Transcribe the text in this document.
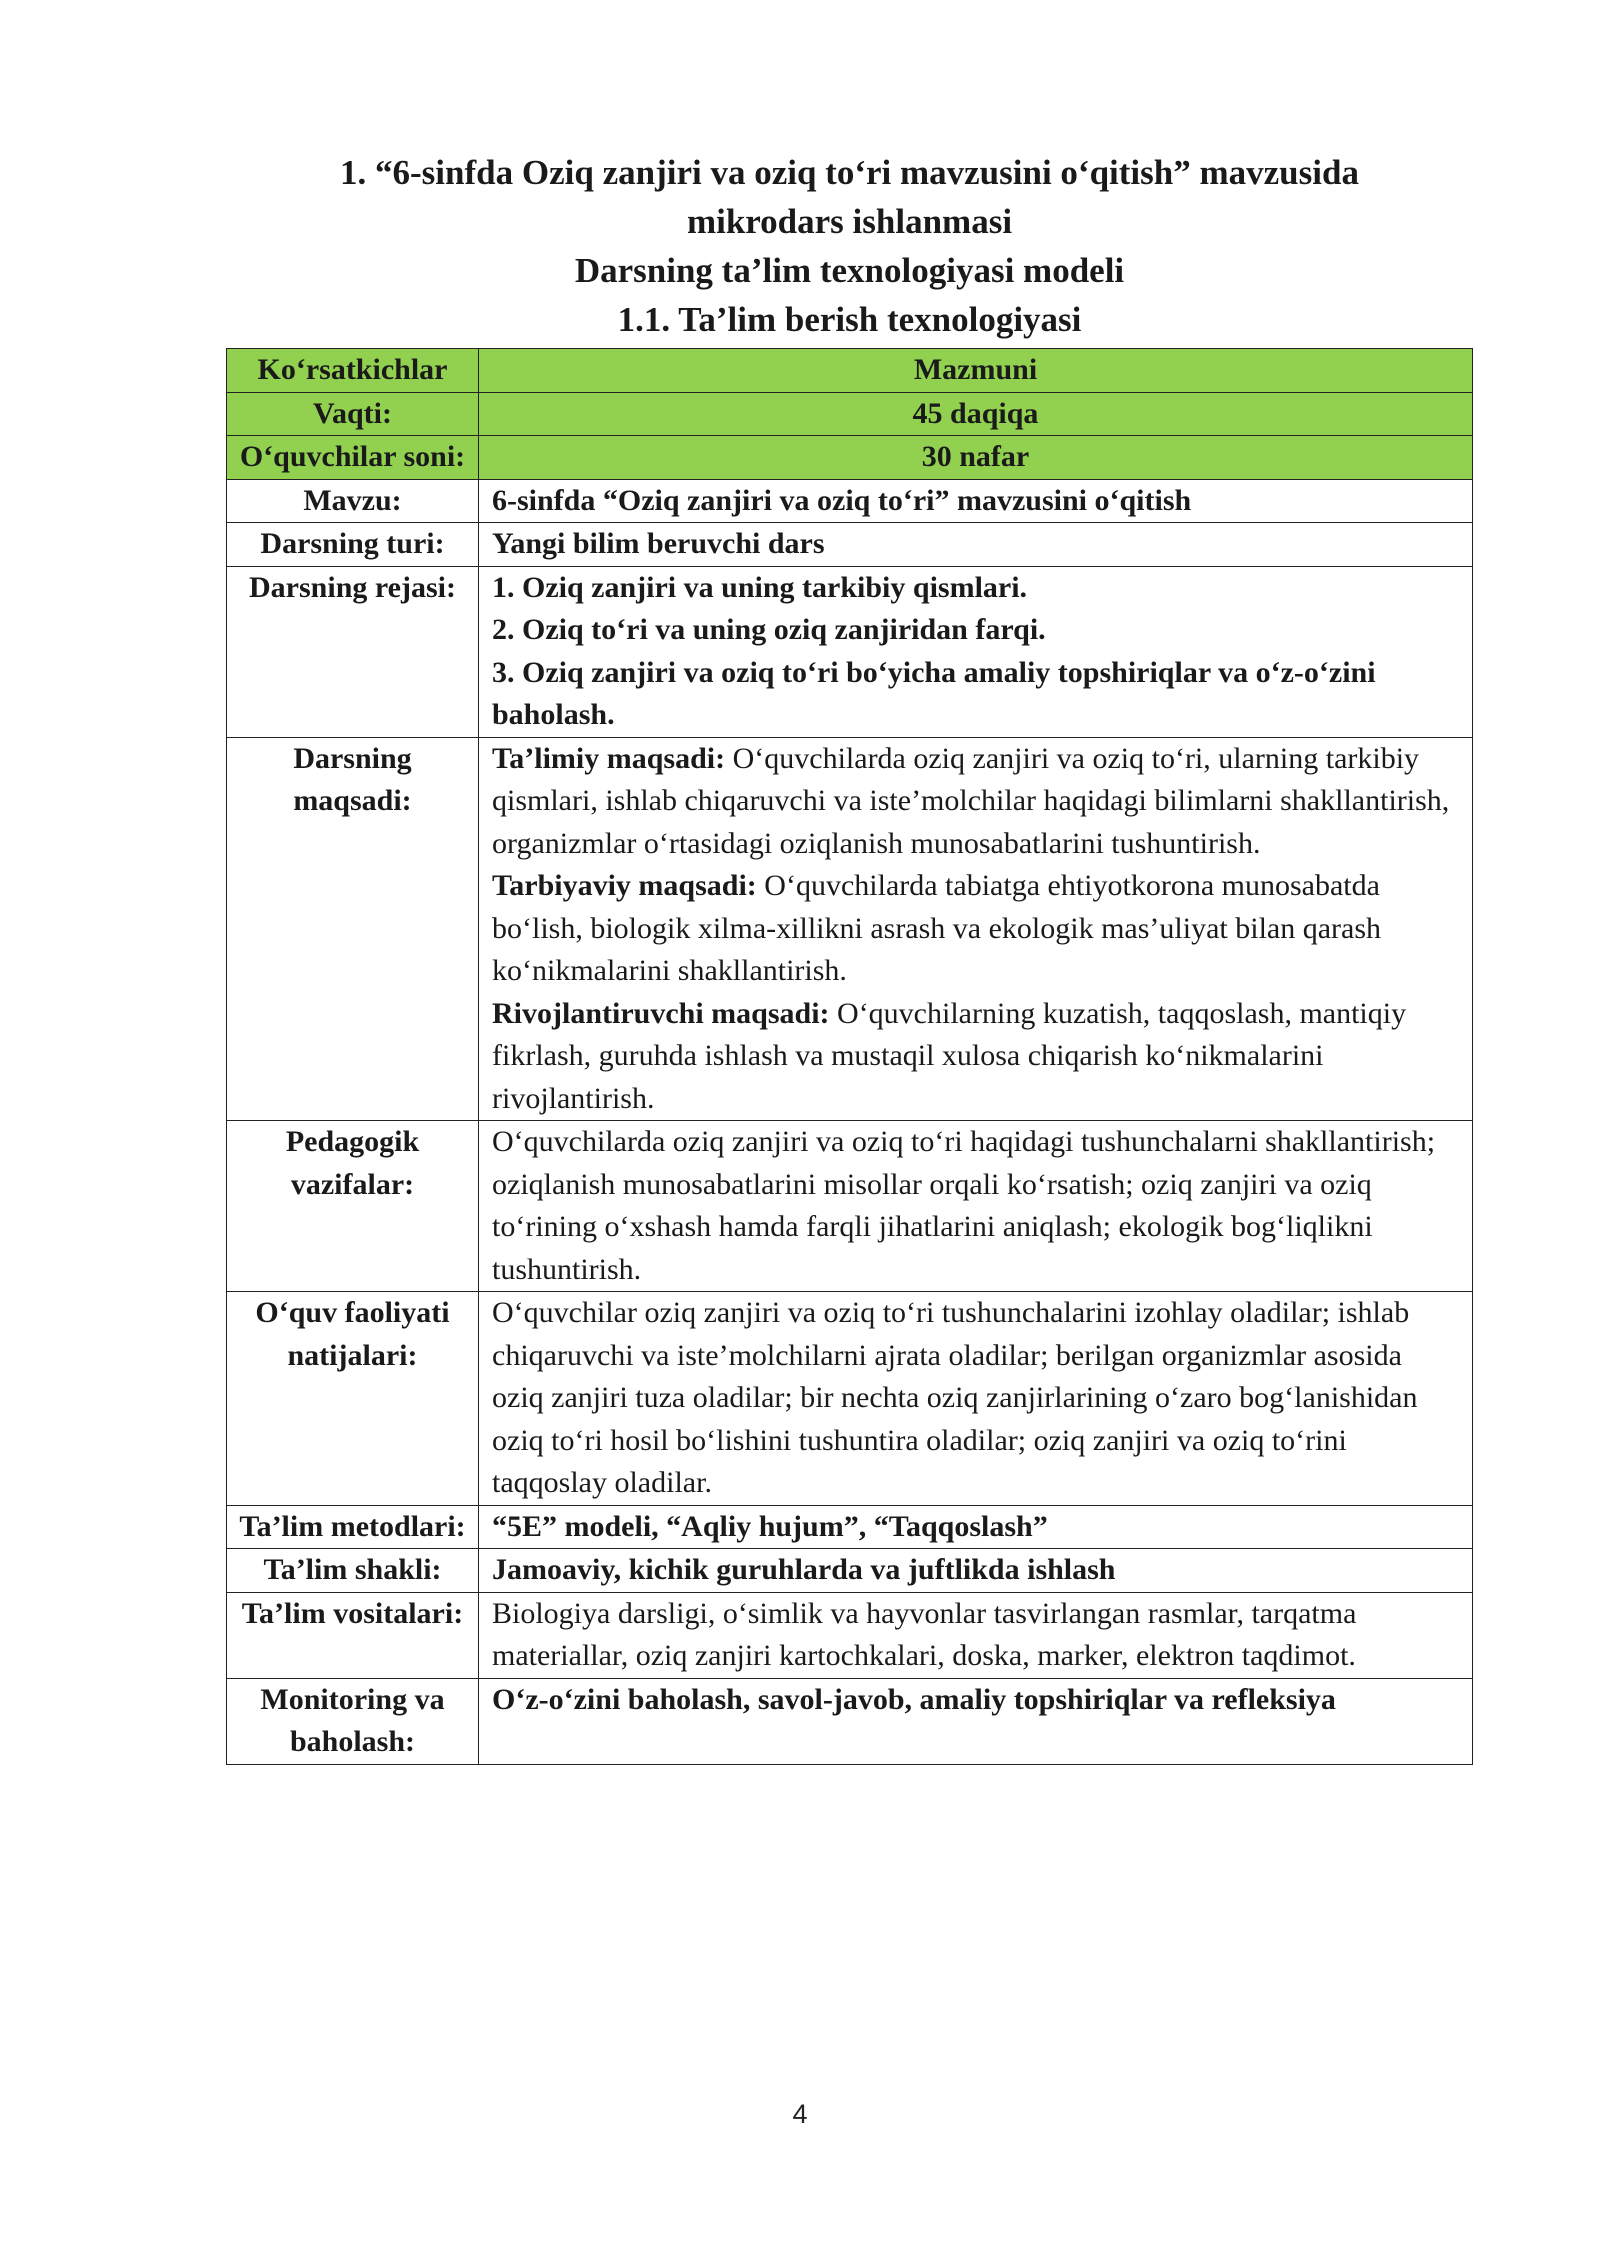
1. “6-sinfda Oziq zanjiri va oziq to‘ri mavzusini o‘qitish” mavzusida
mikrodars ishlanmasi
Darsning ta’lim texnologiyasi modeli
1.1. Ta’lim berish texnologiyasi
Ko‘rsatkichlar	Mazmuni
Vaqti:	45 daqiqa
O‘quvchilar soni:	30 nafar
Mavzu:	6-sinfda “Oziq zanjiri va oziq to‘ri” mavzusini o‘qitish
Darsning turi:	Yangi bilim beruvchi dars
Darsning rejasi:	1. Oziq zanjiri va uning tarkibiy qismlari.
2. Oziq to‘ri va uning oziq zanjiridan farqi.
3. Oziq zanjiri va oziq to‘ri bo‘yicha amaliy topshiriqlar va o‘z-o‘zini baholash.

Darsning maqsadi:	Ta’limiy maqsadi: O‘quvchilarda oziq zanjiri va oziq to‘ri, ularning tarkibiy qismlari, ishlab chiqaruvchi va iste’molchilar haqidagi bilimlarni shakllantirish, organizmlar o‘rtasidagi oziqlanish munosabatlarini tushuntirish.
Tarbiyaviy maqsadi: O‘quvchilarda tabiatga ehtiyotkorona munosabatda bo‘lish, biologik xilma-xillikni asrash va ekologik mas’uliyat bilan qarash ko‘nikmalarini shakllantirish.
Rivojlantiruvchi maqsadi: O‘quvchilarning kuzatish, taqqoslash, mantiqiy fikrlash, guruhda ishlash va mustaqil xulosa chiqarish ko‘nikmalarini rivojlantirish.

Pedagogik vazifalar:	O‘quvchilarda oziq zanjiri va oziq to‘ri haqidagi tushunchalarni shakllantirish; oziqlanish munosabatlarini misollar orqali ko‘rsatish; oziq zanjiri va oziq to‘rining o‘xshash hamda farqli jihatlarini aniqlash; ekologik bog‘liqlikni tushuntirish.
O‘quv faoliyati natijalari:	O‘quvchilar oziq zanjiri va oziq to‘ri tushunchalarini izohlay oladilar; ishlab chiqaruvchi va iste’molchilarni ajrata oladilar; berilgan organizmlar asosida oziq zanjiri tuza oladilar; bir nechta oziq zanjirlarining o‘zaro bog‘lanishidan oziq to‘ri hosil bo‘lishini tushuntira oladilar; oziq zanjiri va oziq to‘rini taqqoslay oladilar.
Ta’lim metodlari:	“5E” modeli, “Aqliy hujum”, “Taqqoslash”
Ta’lim shakli:	Jamoaviy, kichik guruhlarda va juftlikda ishlash
Ta’lim vositalari:	Biologiya darsligi, o‘simlik va hayvonlar tasvirlangan rasmlar, tarqatma materiallar, oziq zanjiri kartochkalari, doska, marker, elektron taqdimot.
Monitoring va baholash:	O‘z-o‘zini baholash, savol-javob, amaliy topshiriqlar va refleksiya
4
